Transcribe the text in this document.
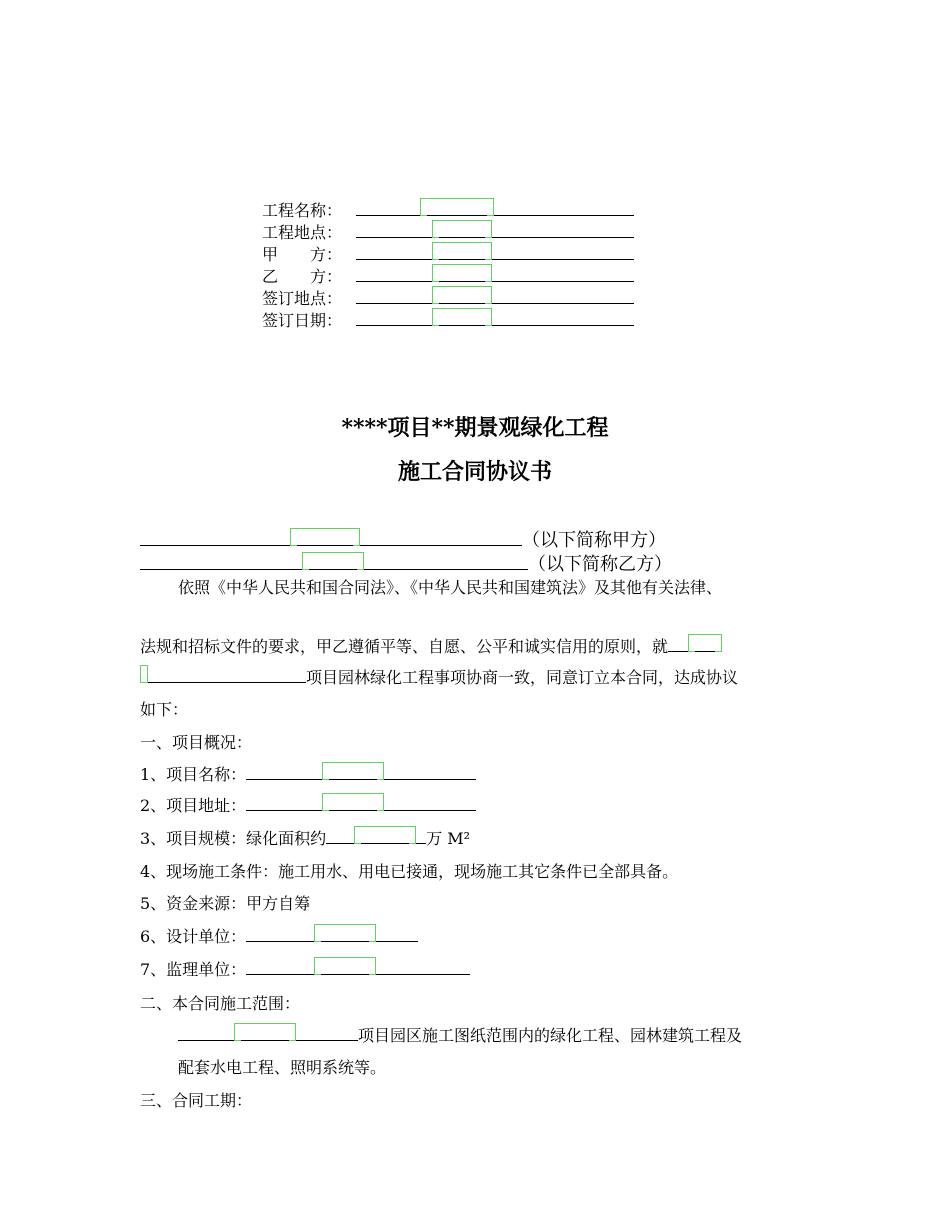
工程名称：
工程地点：
甲　　方：
乙　　方：
签订地点：
签订日期：
****项目**期景观绿化工程
施工合同协议书
（以下简称甲方）
（以下简称乙方）
依照《中华人民共和国合同法》、《中华人民共和国建筑法》及其他有关法律、
法规和招标文件的要求，甲乙遵循平等、自愿、公平和诚实信用的原则，就
项目园林绿化工程事项协商一致，同意订立本合同，达成协议
如下：
一、项目概况：
1、项目名称：
2、项目地址：
3、项目规模：绿化面积约	万 M²
4、现场施工条件：施工用水、用电已接通，现场施工其它条件已全部具备。
5、资金来源：甲方自筹
6、设计单位：
7、监理单位：
二、本合同施工范围：
项目园区施工图纸范围内的绿化工程、园林建筑工程及
配套水电工程、照明系统等。
三、合同工期：
